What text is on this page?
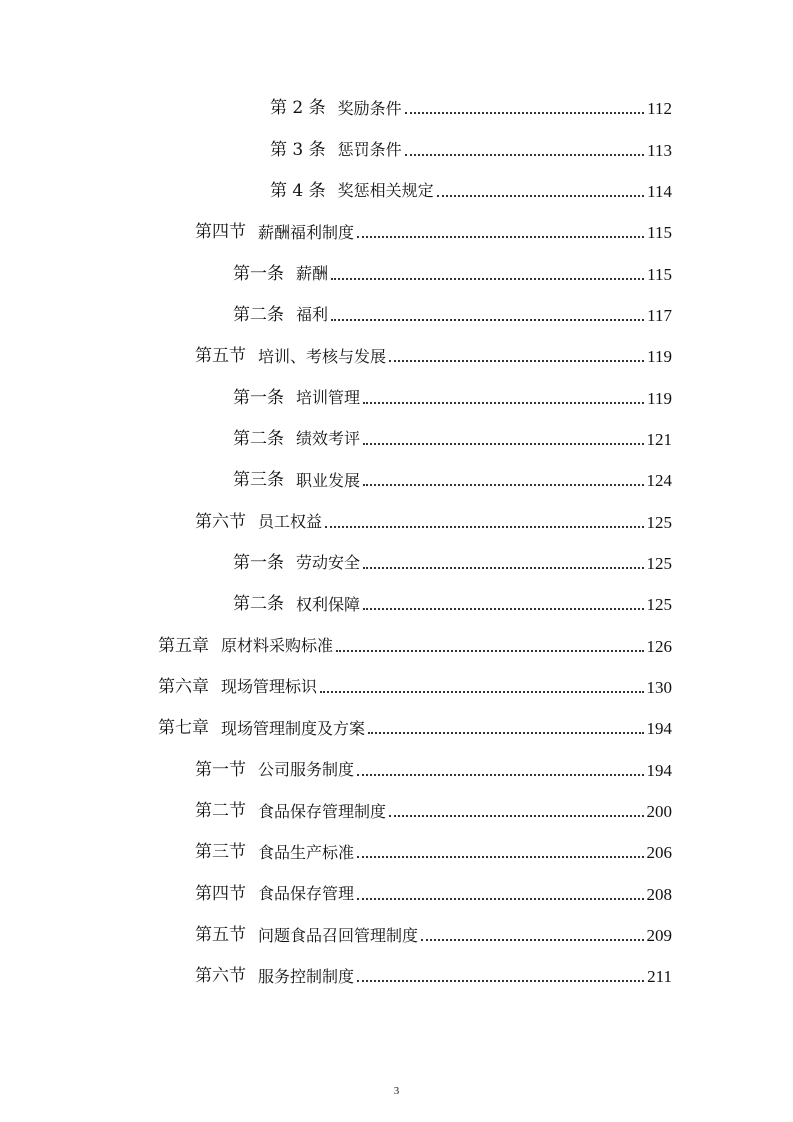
第 2 条 奖励条件	112
第 3 条 惩罚条件	113
第 4 条 奖惩相关规定	114
第四节 薪酬福利制度	115
第一条 薪酬	115
第二条 福利	117
第五节 培训、考核与发展	119
第一条 培训管理	119
第二条 绩效考评	121
第三条 职业发展	124
第六节 员工权益	125
第一条 劳动安全	125
第二条 权利保障	125
第五章 原材料采购标准	126
第六章 现场管理标识	130
第七章 现场管理制度及方案	194
第一节 公司服务制度	194
第二节 食品保存管理制度	200
第三节 食品生产标准	206
第四节 食品保存管理	208
第五节 问题食品召回管理制度	209
第六节 服务控制制度	211
3
